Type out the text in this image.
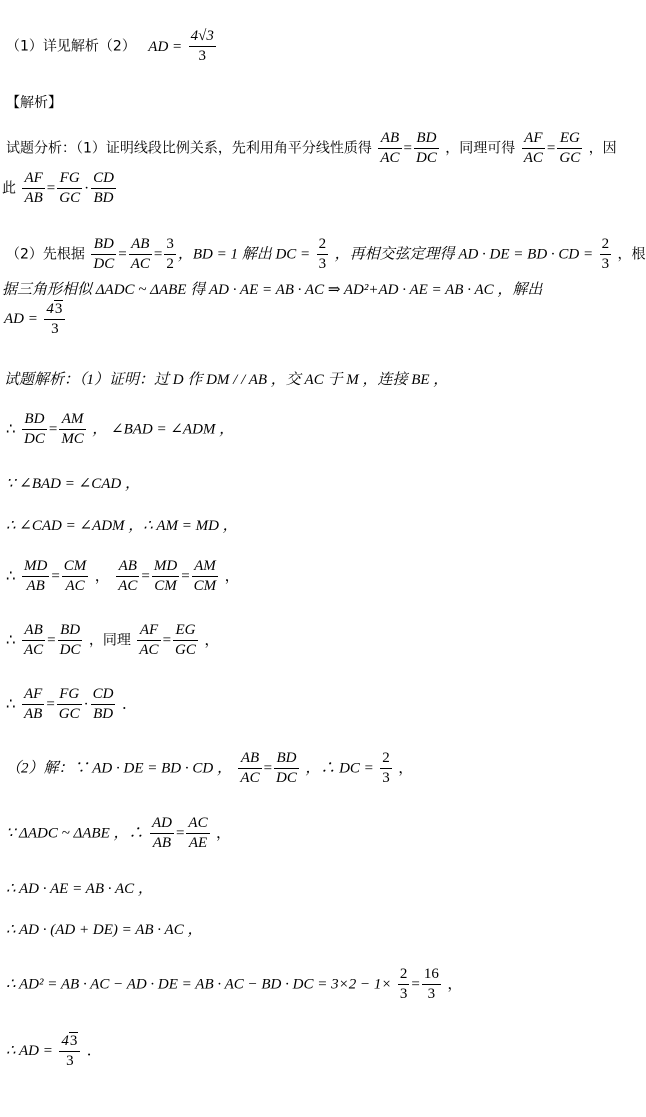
（1）详见解析（2） AD = $\frac{4√3}{3}$
【解析】
试题分析：（1）证明线段比例关系，先利用角平分线性质得 $\frac{AB}{AC} = \frac{BD}{DC}$ ，同理可得 $\frac{AF}{AC} = \frac{EG}{GC}$ ，因
此 $\frac{AF}{AB} = \frac{FG}{GC} \cdot \frac{CD}{BD}$
（2）先根据 $\frac{BD}{DC} = \frac{AB}{AC} = \frac{3}{2}$ ，BD = 1 解出 DC = $\frac{2}{3}$ ，再相交弦定理得 AD · DE = BD · CD = $\frac{2}{3}$ ，根
据三角形相似 ΔADC ~ ΔABE 得 AD · AE = AB · AC ⇒ AD²+AD · AE = AB · AC ，解出
AD = $\frac{43}{3}$
试题解析：（1）证明：过 D 作 DM / / AB ，交 AC 于 M ，连接 BE ，
∴ $\frac{BD}{DC} = \frac{AM}{MC}$ ， ∠BAD = ∠ADM ，
∵ ∠BAD = ∠CAD ，
∴ ∠CAD = ∠ADM ，∴ AM = MD ，
∴ $\frac{MD}{AB} = \frac{CM}{AC}$ ， $\frac{AB}{AC} = \frac{MD}{CM} = \frac{AM}{CM}$ ，
∴ $\frac{AB}{AC} = \frac{BD}{DC}$ ，同理 $\frac{AF}{AC} = \frac{EG}{GC}$ ，
∴ $\frac{AF}{AB} = \frac{FG}{GC} \cdot \frac{CD}{BD}$ ．
（2）解：∵ AD · DE = BD · CD ， $\frac{AB}{AC} = \frac{BD}{DC}$ ，∴ DC = $\frac{2}{3}$ ，
∵ ΔADC ~ ΔABE ，∴ $\frac{AD}{AB} = \frac{AC}{AE}$ ，
∴ AD · AE = AB · AC ，
∴ AD · (AD + DE) = AB · AC ，
∴ AD² = AB · AC − AD · DE = AB · AC − BD · DC = $3\times 2 - 1\times \frac{2}{3} = \frac{16}{3}$ ，
∴ AD = $\frac{43}{3}$ ．
